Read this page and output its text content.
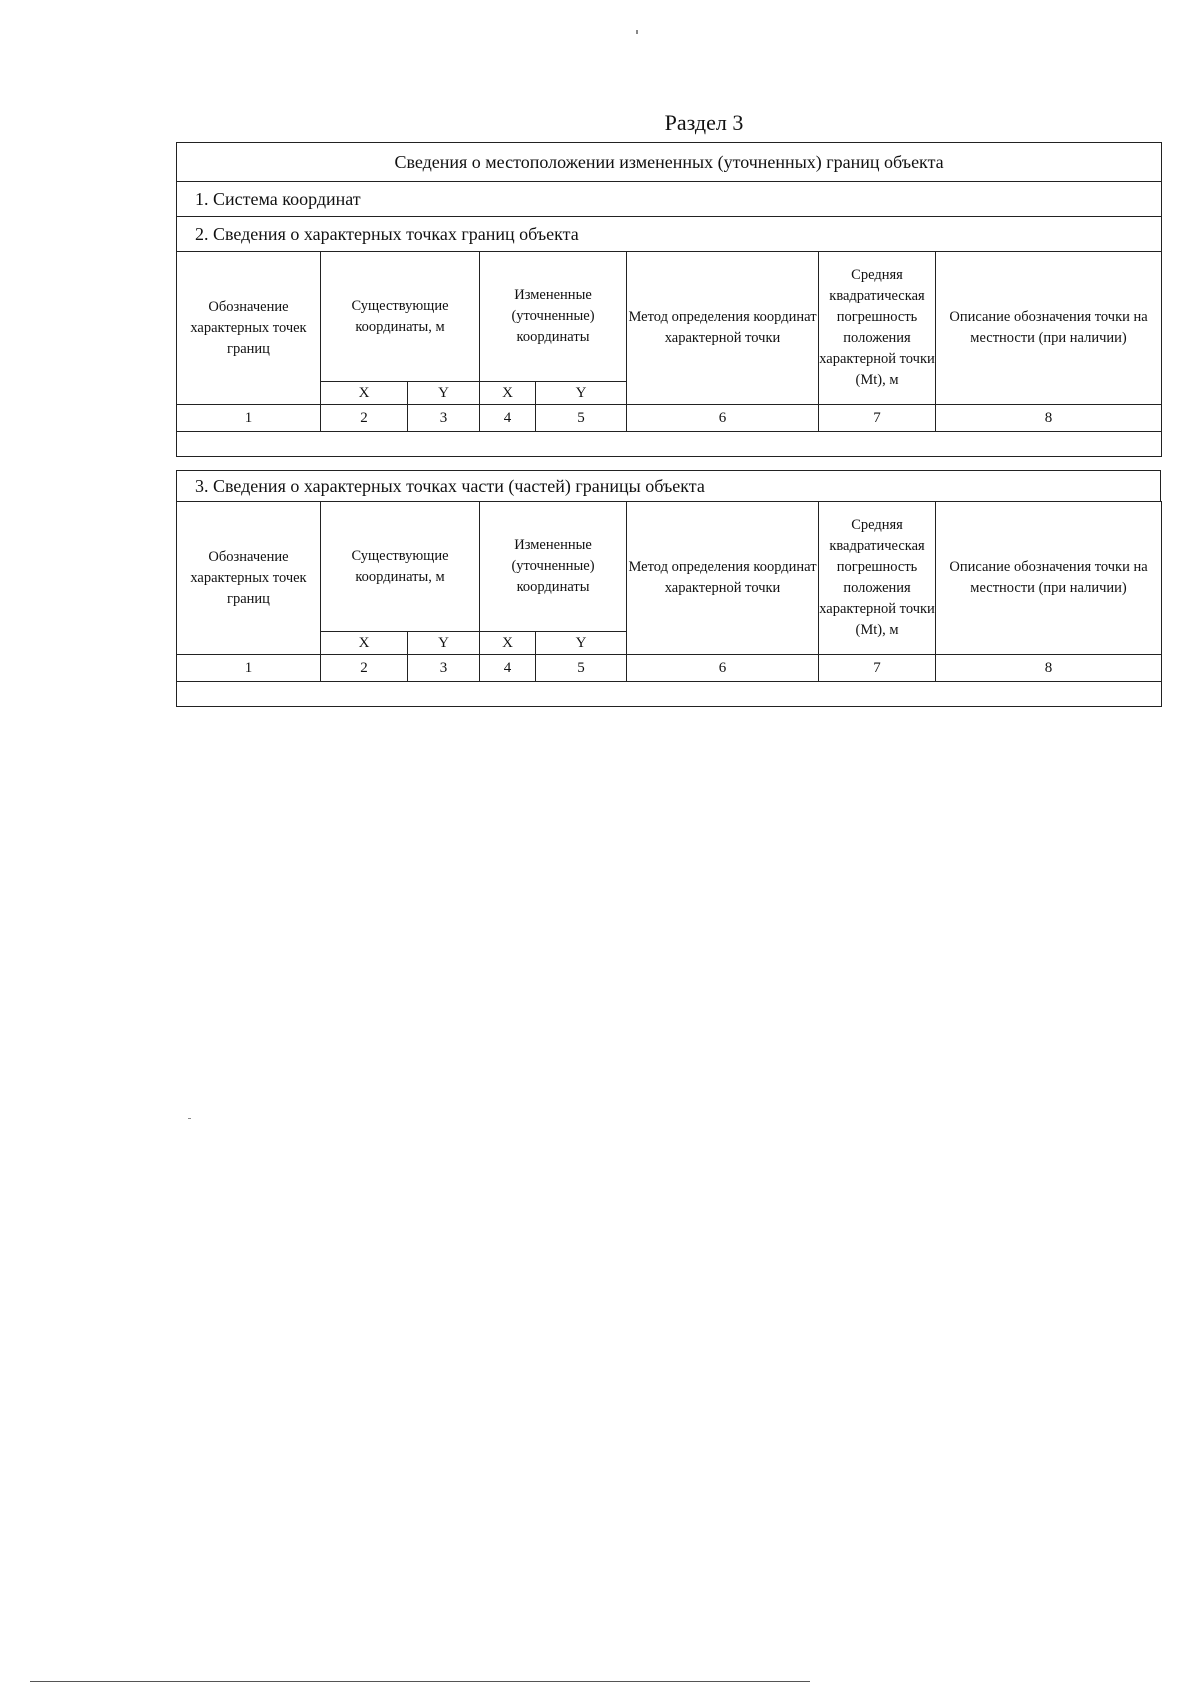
Раздел 3
Сведения о местоположении измененных (уточненных) границ объекта							
1. Система координат							
2. Сведения о характерных точках границ объекта							
Обозначение характерных точек границ	Существующие координаты, м		Измененные (уточненные) координаты		Метод определения координат характерной точки	Средняя квадратическая погрешность положения характерной точки (Mt), м	Описание обозначения точки на местности (при наличии)
	X	Y	X	Y			
1	2	3	4	5	6	7	8

3. Сведения о характерных точках части (частей) границы объекта
Обозначение характерных точек границ	Существующие координаты, м		Измененные (уточненные) координаты		Метод определения координат характерной точки	Средняя квадратическая погрешность положения характерной точки (Mt), м	Описание обозначения точки на местности (при наличии)
	X	Y	X	Y			
1	2	3	4	5	6	7	8
